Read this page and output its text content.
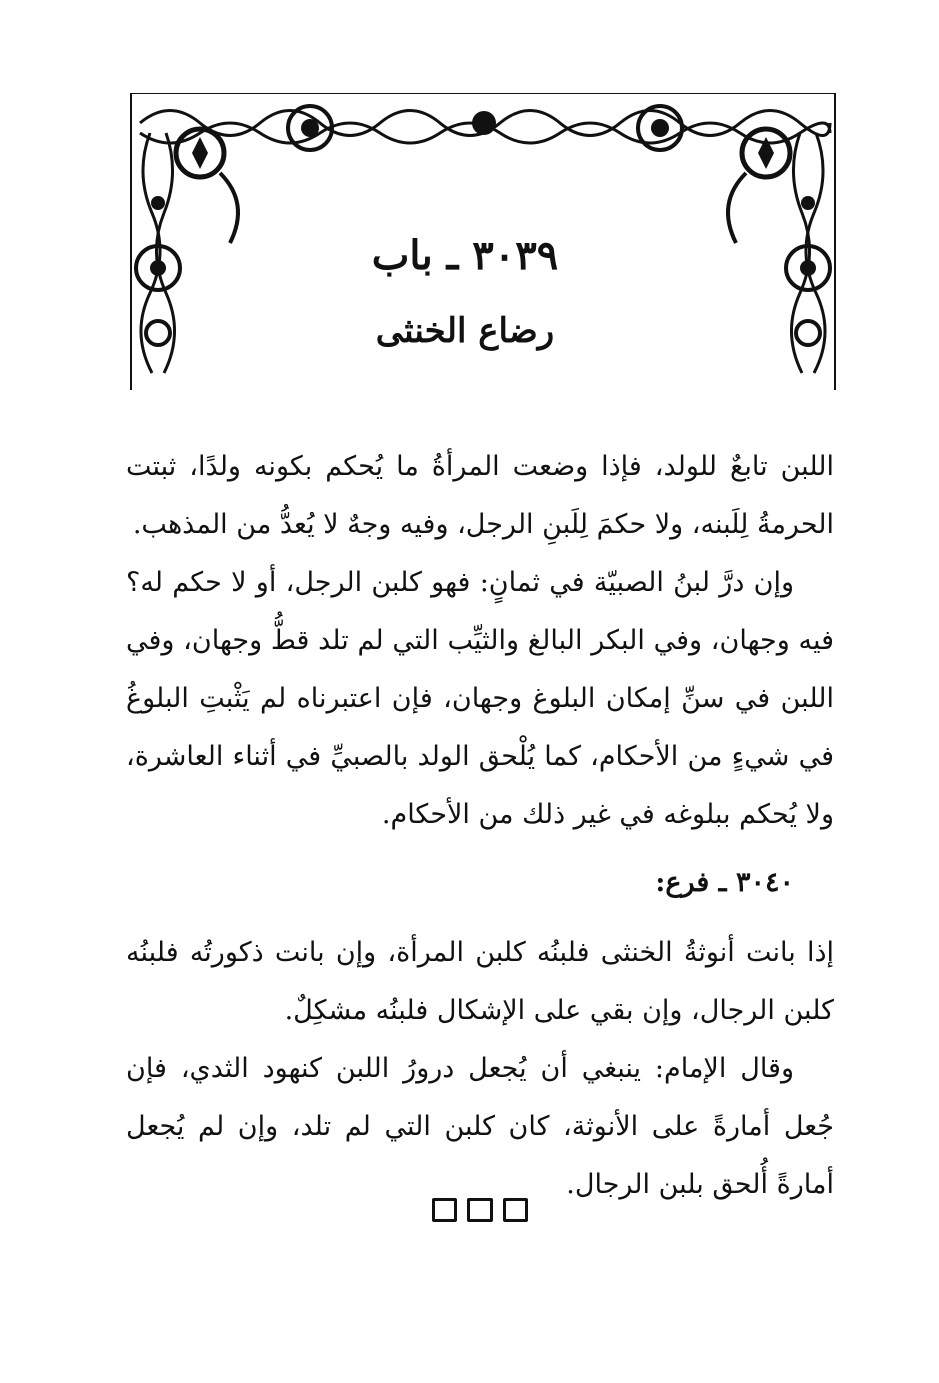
٣٠٣٩ ـ باب
رضاع الخنثى

اللبن تابعٌ للولد، فإذا وضعت المرأةُ ما يُحكم بكونه ولدًا، ثبتت الحرمةُ لِلَبنه، ولا حكمَ لِلَبنِ الرجل، وفيه وجهٌ لا يُعدُّ من المذهب.

وإن درَّ لبنُ الصبيّة في ثمانٍ: فهو كلبن الرجل، أو لا حكم له؟ فيه وجهان، وفي البكر البالغ والثيِّب التي لم تلد قطُّ وجهان، وفي اللبن في سنِّ إمكان البلوغ وجهان، فإن اعتبرناه لم يَثْبتِ البلوغُ في شيءٍ من الأحكام، كما يُلْحق الولد بالصبيِّ في أثناء العاشرة، ولا يُحكم ببلوغه في غير ذلك من الأحكام.

٣٠٤٠ ـ فرع:

إذا بانت أنوثةُ الخنثى فلبنُه كلبن المرأة، وإن بانت ذكورتُه فلبنُه كلبن الرجال، وإن بقي على الإشكال فلبنُه مشكِلٌ.

وقال الإمام: ينبغي أن يُجعل درورُ اللبن كنهود الثدي، فإن جُعل أمارةً على الأنوثة، كان كلبن التي لم تلد، وإن لم يُجعل أمارةً أُلحق بلبن الرجال.
